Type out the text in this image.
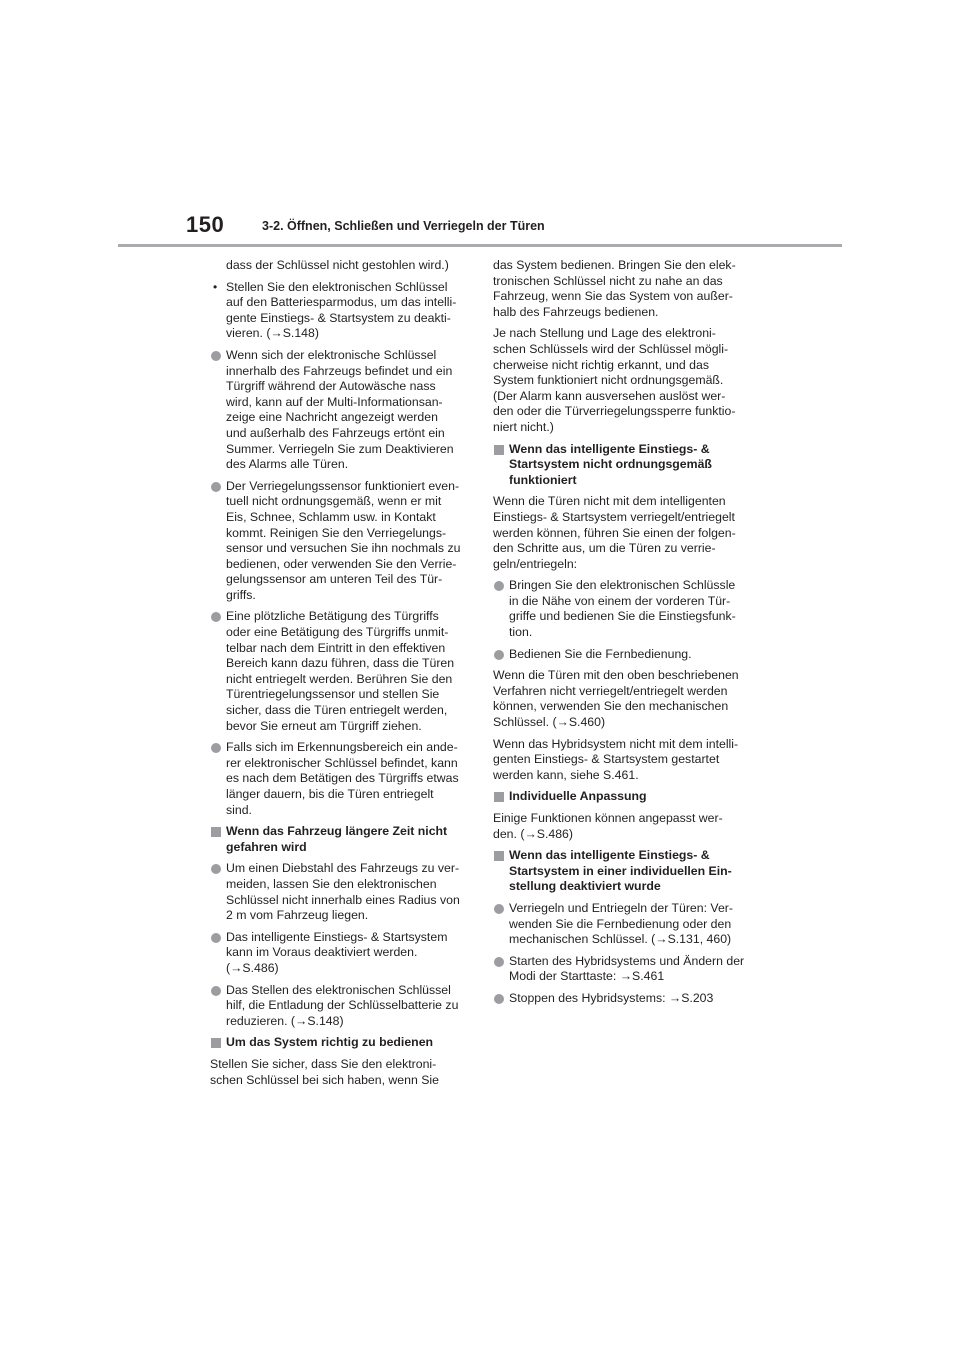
150	3-2. Öffnen, Schließen und Verriegeln der Türen
dass der Schlüssel nicht gestohlen wird.)
• Stellen Sie den elektronischen Schlüssel
auf den Batteriesparmodus, um das intelli-
gente Einstiegs- & Startsystem zu deakti-
vieren. (→S.148)
Wenn sich der elektronische Schlüssel
innerhalb des Fahrzeugs befindet und ein
Türgriff während der Autowäsche nass
wird, kann auf der Multi-Informationsan-
zeige eine Nachricht angezeigt werden
und außerhalb des Fahrzeugs ertönt ein
Summer. Verriegeln Sie zum Deaktivieren
des Alarms alle Türen.
Der Verriegelungssensor funktioniert even-
tuell nicht ordnungsgemäß, wenn er mit
Eis, Schnee, Schlamm usw. in Kontakt
kommt. Reinigen Sie den Verriegelungs-
sensor und versuchen Sie ihn nochmals zu
bedienen, oder verwenden Sie den Verrie-
gelungssensor am unteren Teil des Tür-
griffs.
Eine plötzliche Betätigung des Türgriffs
oder eine Betätigung des Türgriffs unmit-
telbar nach dem Eintritt in den effektiven
Bereich kann dazu führen, dass die Türen
nicht entriegelt werden. Berühren Sie den
Türentriegelungssensor und stellen Sie
sicher, dass die Türen entriegelt werden,
bevor Sie erneut am Türgriff ziehen.
Falls sich im Erkennungsbereich ein ande-
rer elektronischer Schlüssel befindet, kann
es nach dem Betätigen des Türgriffs etwas
länger dauern, bis die Türen entriegelt
sind.
Wenn das Fahrzeug längere Zeit nicht
gefahren wird
Um einen Diebstahl des Fahrzeugs zu ver-
meiden, lassen Sie den elektronischen
Schlüssel nicht innerhalb eines Radius von
2 m vom Fahrzeug liegen.
Das intelligente Einstiegs- & Startsystem
kann im Voraus deaktiviert werden.
(→S.486)
Das Stellen des elektronischen Schlüssel
hilf, die Entladung der Schlüsselbatterie zu
reduzieren. (→S.148)
Um das System richtig zu bedienen
Stellen Sie sicher, dass Sie den elektroni-
schen Schlüssel bei sich haben, wenn Sie
das System bedienen. Bringen Sie den elek-
tronischen Schlüssel nicht zu nahe an das
Fahrzeug, wenn Sie das System von außer-
halb des Fahrzeugs bedienen.
Je nach Stellung und Lage des elektroni-
schen Schlüssels wird der Schlüssel mögli-
cherweise nicht richtig erkannt, und das
System funktioniert nicht ordnungsgemäß.
(Der Alarm kann ausversehen auslöst wer-
den oder die Türverriegelungssperre funktio-
niert nicht.)
Wenn das intelligente Einstiegs- &
Startsystem nicht ordnungsgemäß
funktioniert
Wenn die Türen nicht mit dem intelligenten
Einstiegs- & Startsystem verriegelt/entriegelt
werden können, führen Sie einen der folgen-
den Schritte aus, um die Türen zu verrie-
geln/entriegeln:
Bringen Sie den elektronischen Schlüssle
in die Nähe von einem der vorderen Tür-
griffe und bedienen Sie die Einstiegsfunk-
tion.
Bedienen Sie die Fernbedienung.
Wenn die Türen mit den oben beschriebenen
Verfahren nicht verriegelt/entriegelt werden
können, verwenden Sie den mechanischen
Schlüssel. (→S.460)
Wenn das Hybridsystem nicht mit dem intelli-
genten Einstiegs- & Startsystem gestartet
werden kann, siehe S.461.
Individuelle Anpassung
Einige Funktionen können angepasst wer-
den. (→S.486)
Wenn das intelligente Einstiegs- &
Startsystem in einer individuellen Ein-
stellung deaktiviert wurde
Verriegeln und Entriegeln der Türen: Ver-
wenden Sie die Fernbedienung oder den
mechanischen Schlüssel. (→S.131, 460)
Starten des Hybridsystems und Ändern der
Modi der Starttaste: →S.461
Stoppen des Hybridsystems: →S.203
